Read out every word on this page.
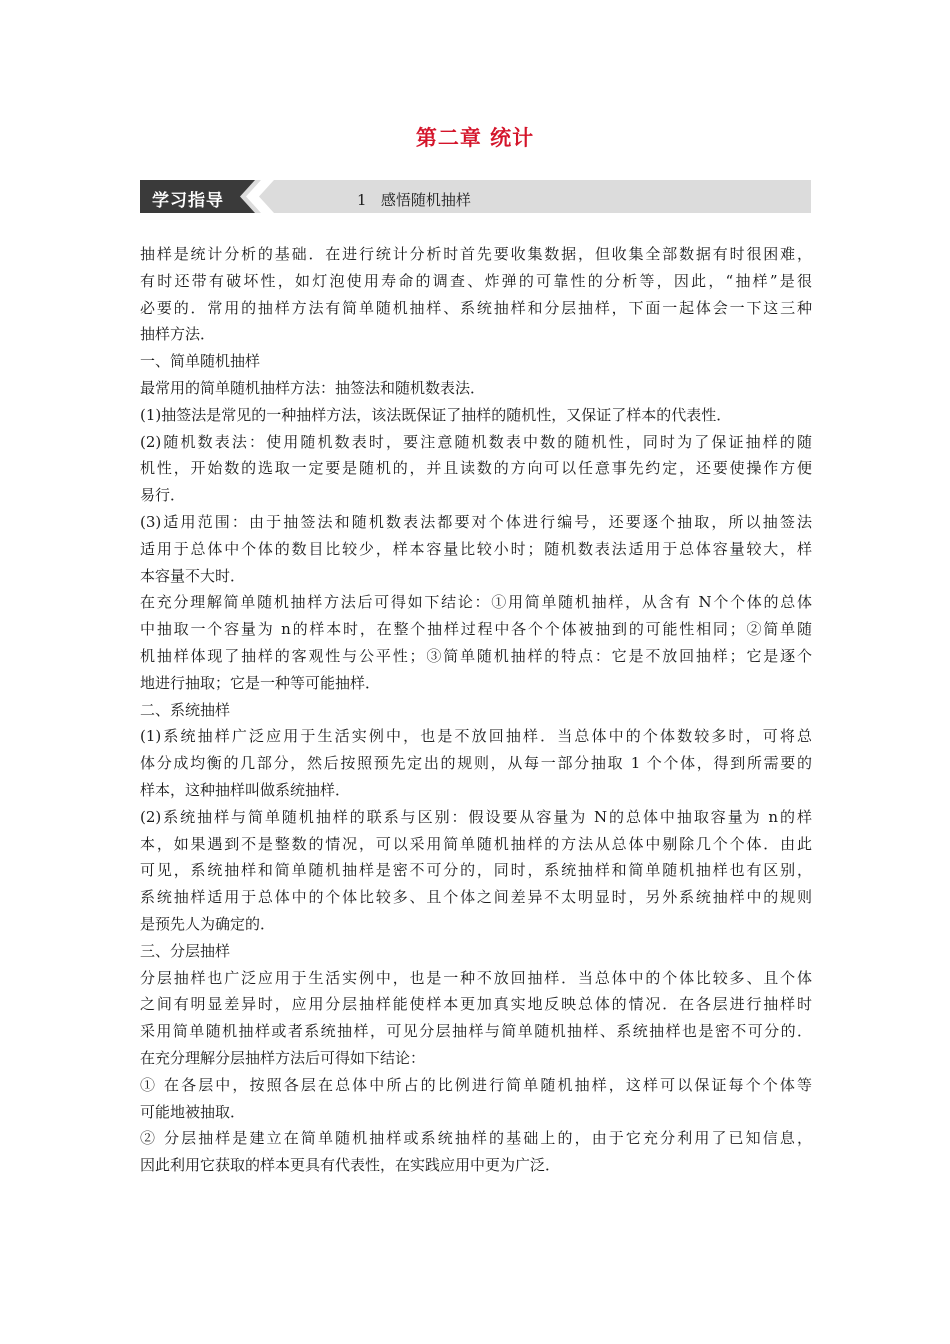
第二章 统计
学习指导	1   感悟随机抽样
抽样是统计分析的基础．在进行统计分析时首先要收集数据，但收集全部数据有时很困难，
有时还带有破坏性，如灯泡使用寿命的调查、炸弹的可靠性的分析等，因此，“抽样”是很
必要的．常用的抽样方法有简单随机抽样、系统抽样和分层抽样，下面一起体会一下这三种
抽样方法．
一、简单随机抽样
最常用的简单随机抽样方法：抽签法和随机数表法．
(1)抽签法是常见的一种抽样方法，该法既保证了抽样的随机性，又保证了样本的代表性．
(2)随机数表法：使用随机数表时，要注意随机数表中数的随机性，同时为了保证抽样的随
机性，开始数的选取一定要是随机的，并且读数的方向可以任意事先约定，还要使操作方便
易行．
(3)适用范围：由于抽签法和随机数表法都要对个体进行编号，还要逐个抽取，所以抽签法
适用于总体中个体的数目比较少，样本容量比较小时；随机数表法适用于总体容量较大，样
本容量不大时．
在充分理解简单随机抽样方法后可得如下结论：①用简单随机抽样，从含有 N个个体的总体
中抽取一个容量为 n的样本时，在整个抽样过程中各个个体被抽到的可能性相同；②简单随
机抽样体现了抽样的客观性与公平性；③简单随机抽样的特点：它是不放回抽样；它是逐个
地进行抽取；它是一种等可能抽样．
二、系统抽样
(1)系统抽样广泛应用于生活实例中，也是不放回抽样．当总体中的个体数较多时，可将总
体分成均衡的几部分，然后按照预先定出的规则，从每一部分抽取 1 个个体，得到所需要的
样本，这种抽样叫做系统抽样．
(2)系统抽样与简单随机抽样的联系与区别：假设要从容量为 N的总体中抽取容量为 n的样
本，如果遇到不是整数的情况，可以采用简单随机抽样的方法从总体中剔除几个个体．由此
可见，系统抽样和简单随机抽样是密不可分的，同时，系统抽样和简单随机抽样也有区别，
系统抽样适用于总体中的个体比较多、且个体之间差异不太明显时，另外系统抽样中的规则
是预先人为确定的．
三、分层抽样
分层抽样也广泛应用于生活实例中，也是一种不放回抽样．当总体中的个体比较多、且个体
之间有明显差异时，应用分层抽样能使样本更加真实地反映总体的情况．在各层进行抽样时
采用简单随机抽样或者系统抽样，可见分层抽样与简单随机抽样、系统抽样也是密不可分的．
在充分理解分层抽样方法后可得如下结论：
① 在各层中，按照各层在总体中所占的比例进行简单随机抽样，这样可以保证每个个体等
可能地被抽取．
② 分层抽样是建立在简单随机抽样或系统抽样的基础上的，由于它充分利用了已知信息，
因此利用它获取的样本更具有代表性，在实践应用中更为广泛．
